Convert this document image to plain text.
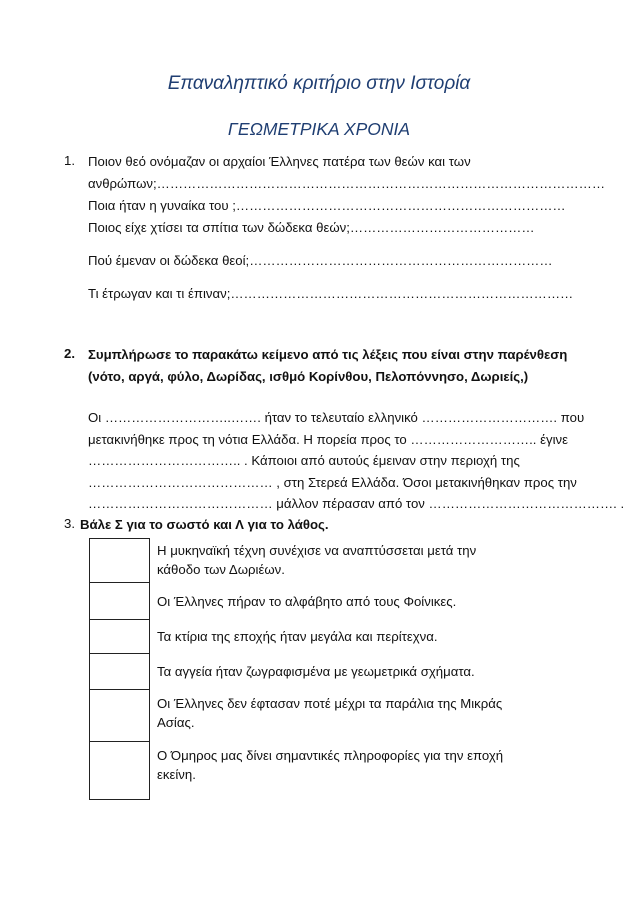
Επαναληπτικό κριτήριο στην Ιστορία
ΓΕΩΜΕΤΡΙΚΑ ΧΡΟΝΙΑ
1. Ποιον θεό ονόμαζαν οι αρχαίοι Έλληνες πατέρα των θεών και των
ανθρώπων;…………………………………………………………………………………………
Ποια ήταν η γυναίκα του ;…………………………………………………………………
Ποιος είχε χτίσει τα σπίτια των δώδεκα θεών;……………………………………
Πού έμεναν οι δώδεκα θεοί;……………………………………………………………
Τι έτρωγαν και τι έπιναν;……………………………………………………………………
2. Συμπλήρωσε το παρακάτω κείμενο από τις λέξεις που είναι στην παρένθεση
(νότο, αργά, φύλο, Δωρίδας, ισθμό Κορίνθου, Πελοπόννησο, Δωριείς,)
Οι ………………………..……. ήταν το τελευταίο ελληνικό …………………………. που
μετακινήθηκε προς τη νότια Ελλάδα. Η πορεία προς το ……………………….. έγινε
…………………………….. . Κάποιοι από αυτούς έμειναν στην περιοχή της
…………………………………… , στη Στερεά Ελλάδα. Όσοι μετακινήθηκαν προς την
…………………………………… μάλλον πέρασαν από τον ……………………………………. .
3. Βάλε Σ για το σωστό και Λ για το λάθος.
	Η μυκηναϊκή τέχνη συνέχισε να αναπτύσσεται μετά την
κάθοδο των Δωριέων.
	Οι Έλληνες πήραν το αλφάβητο από τους Φοίνικες.
	Τα κτίρια της εποχής ήταν μεγάλα και περίτεχνα.
	Τα αγγεία ήταν ζωγραφισμένα με γεωμετρικά σχήματα.
	Οι Έλληνες δεν έφτασαν ποτέ μέχρι τα παράλια της Μικράς
Ασίας.
	Ο Όμηρος μας δίνει σημαντικές πληροφορίες για την εποχή
εκείνη.
